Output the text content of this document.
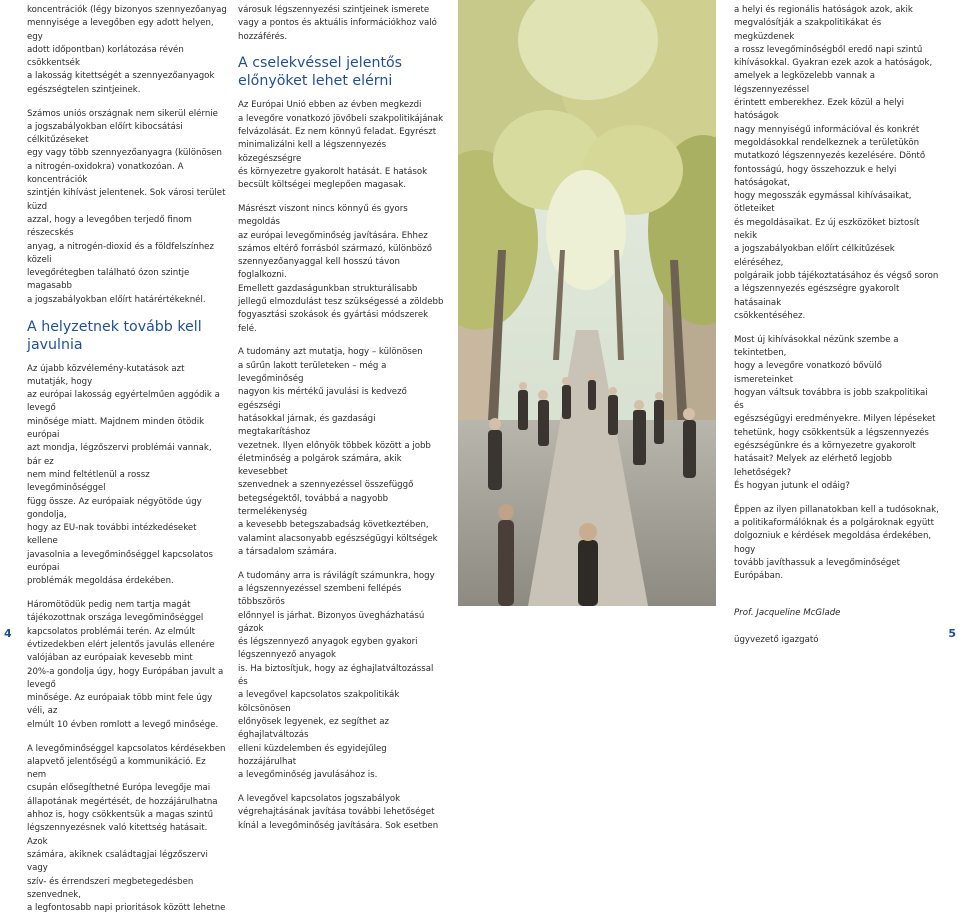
koncentrációk (légy bizonyos szennyezőanyag
mennyisége a levegőben egy adott helyen, egy
adott időpontban) korlátozása révén csökkentsék
a lakosság kitettségét a szennyezőanyagok
egészségtelen szintjeinek.

Számos uniós országnak nem sikerül elérnie
a jogszabályokban előírt kibocsátási célkitűzéseket
egy vagy több szennyezőanyagra (különösen
a nitrogén-oxidokra) vonatkozóan. A koncentrációk
szintjén kihívást jelentenek. Sok városi terület küzd
azzal, hogy a levegőben terjedő finom részecskés
anyag, a nitrogén-dioxid és a földfelszínhez közeli
levegőrétegben található ózon szintje magasabb
a jogszabályokban előírt határértékeknél.

A helyzetnek tovább kell
javulnia

Az újabb közvélemény-kutatások azt mutatják, hogy
az európai lakosság egyértelműen aggódik a levegő
minősége miatt. Majdnem minden ötödik európai
azt mondja, légzőszervi problémái vannak, bár ez
nem mind feltétlenül a rossz levegőminőséggel
függ össze. Az európaiak négyötöde úgy gondolja,
hogy az EU-nak további intézkedéseket kellene
javasolnia a levegőminőséggel kapcsolatos európai
problémák megoldása érdekében.

Háromötödük pedig nem tartja magát
tájékozottnak országa levegőminőséggel
kapcsolatos problémái terén. Az elmúlt
évtizedekben elért jelentős javulás ellenére
valójában az európaiak kevesebb mint
20%-a gondolja úgy, hogy Európában javult a levegő
minősége. Az európaiak több mint fele úgy véli, az
elmúlt 10 évben romlott a levegő minősége.

A levegőminőséggel kapcsolatos kérdésekben
alapvető jelentőségű a kommunikáció. Ez nem
csupán elősegíthetné Európa levegője mai
állapotának megértését, de hozzájárulhatna
ahhoz is, hogy csökkentsük a magas szintű
légszennyezésnek való kitettség hatásait. Azok
számára, akiknek családtagjai légzőszervi vagy
szív- és érrendszeri megbetegedésben szenvednek,
a legfontosabb napi prioritások között lehetne

városuk légszennyezési szintjeinek ismerete
vagy a pontos és aktuális információkhoz való
hozzáférés.

A cselekvéssel jelentős
előnyöket lehet elérni

Az Európai Unió ebben az évben megkezdi
a levegőre vonatkozó jövőbeli szakpolitikájának
felvázolását. Ez nem könnyű feladat. Egyrészt
minimalizálni kell a légszennyezés közegészségre
és környezetre gyakorolt hatását. E hatások
becsült költségei meglepően magasak.

Másrészt viszont nincs könnyű és gyors megoldás
az európai levegőminőség javítására. Ehhez
számos eltérő forrásból származó, különböző
szennyezőanyaggal kell hosszú távon foglalkozni.
Emellett gazdaságunkban strukturálisabb
jellegű elmozdulást tesz szükségessé a zöldebb
fogyasztási szokások és gyártási módszerek felé.

A tudomány azt mutatja, hogy – különösen
a sűrűn lakott területeken – még a levegőminőség
nagyon kis mértékű javulási is kedvező egészségi
hatásokkal járnak, és gazdasági megtakarításhoz
vezetnek. Ilyen előnyök többek között a jobb
életminőség a polgárok számára, akik kevesebbet
szenvednek a szennyezéssel összefüggő
betegségektől, továbbá a nagyobb termelékenység
a kevesebb betegszabadság következtében,
valamint alacsonyabb egészségügyi költségek
a társadalom számára.

A tudomány arra is rávilágít számunkra, hogy
a légszennyezéssel szembeni fellépés többszörös
előnnyel is járhat. Bizonyos üvegházhatású gázok
és légszennyező anyagok egyben gyakori légszennyező anyagok
is. Ha biztosítjuk, hogy az éghajlatváltozással és
a levegővel kapcsolatos szakpolitikák kölcsönösen
előnyösek legyenek, ez segíthet az éghajlatváltozás
elleni küzdelemben és egyidejűleg hozzájárulhat
a levegőminőség javulásához is.

A levegővel kapcsolatos jogszabályok
végrehajtásának javítása további lehetőséget
kínál a levegőminőség javítására. Sok esetben

a helyi és regionális hatóságok azok, akik
megvalósítják a szakpolitikákat és megküzdenek
a rossz levegőminőségből eredő napi szintű
kihívásokkal. Gyakran ezek azok a hatóságok,
amelyek a legközelebb vannak a légszennyezéssel
érintett emberekhez. Ezek közül a helyi hatóságok
nagy mennyiségű információval és konkrét
megoldásokkal rendelkeznek a területükön
mutatkozó légszennyezés kezelésére. Döntő
fontosságú, hogy összehozzuk e helyi hatóságokat,
hogy megosszák egymással kihívásaikat, ötleteiket
és megoldásaikat. Ez új eszközöket biztosít nekik
a jogszabályokban előírt célkitűzések eléréséhez,
polgáraik jobb tájékoztatásához és végső soron
a légszennyezés egészségre gyakorolt hatásainak
csökkentéséhez.

Most új kihívásokkal nézünk szembe a tekintetben,
hogy a levegőre vonatkozó bővülő ismereteinket
hogyan váltsuk továbbra is jobb szakpolitikai és
egészségügyi eredményekre. Milyen lépéseket
tehetünk, hogy csökkentsük a légszennyezés
egészségünkre és a környezetre gyakorolt
hatásait? Melyek az elérhető legjobb lehetőségek?
És hogyan jutunk el odáig?

Éppen az ilyen pillanatokban kell a tudósoknak,
a politikaformálóknak és a polgároknak együtt
dolgozniuk e kérdések megoldása érdekében, hogy
tovább javíthassuk a levegőminőséget Európában.

Prof. Jacqueline McGlade

ügyvezető igazgató

4	5
